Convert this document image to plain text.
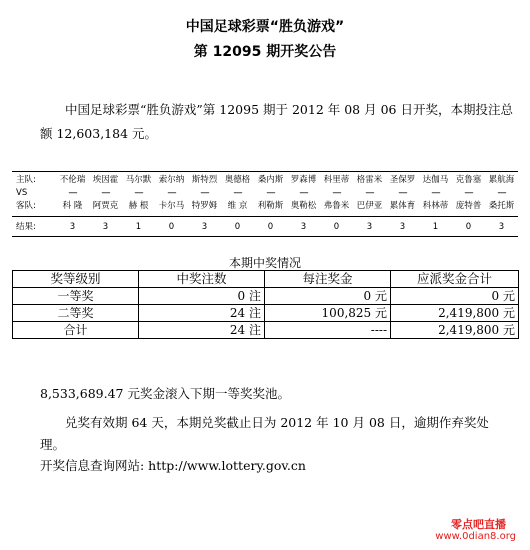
中国足球彩票“胜负游戏”
第 12095 期开奖公告
中国足球彩票“胜负游戏”第 12095 期于 2012 年 08 月 06 日开奖，本期投注总额 12,603,184 元。
主队:	不伦瑞	埃因霍	马尔默	索尔纳	斯特烈	奥德格	桑内斯	罗森博	科里蒂	格雷米	圣保罗	达伽马	克鲁塞	累航海
VS	----	----	----	----	----	----	----	----	----	----	----	----	----	----
客队:	科 隆	阿贾克	赫 根	卡尔马	特罗姆	维 京	利勒斯	奥勒松	弗鲁米	巴伊亚	累体育	科林蒂	庞特普	桑托斯
结果:	3	3	1	0	3	0	0	3	0	3	3	1	0	3
本期中奖情况
奖等级别	中奖注数	每注奖金	应派奖金合计
一等奖	0 注	0 元	0 元
二等奖	24 注	100,825 元	2,419,800 元
合计	24 注	----	2,419,800 元
8,533,689.47 元奖金滚入下期一等奖奖池。
兑奖有效期 64 天，本期兑奖截止日为 2012 年 10 月 08 日，逾期作弃奖处理。
开奖信息查询网站: http://www.lottery.gov.cn
零点吧直播
www.0dian8.org
